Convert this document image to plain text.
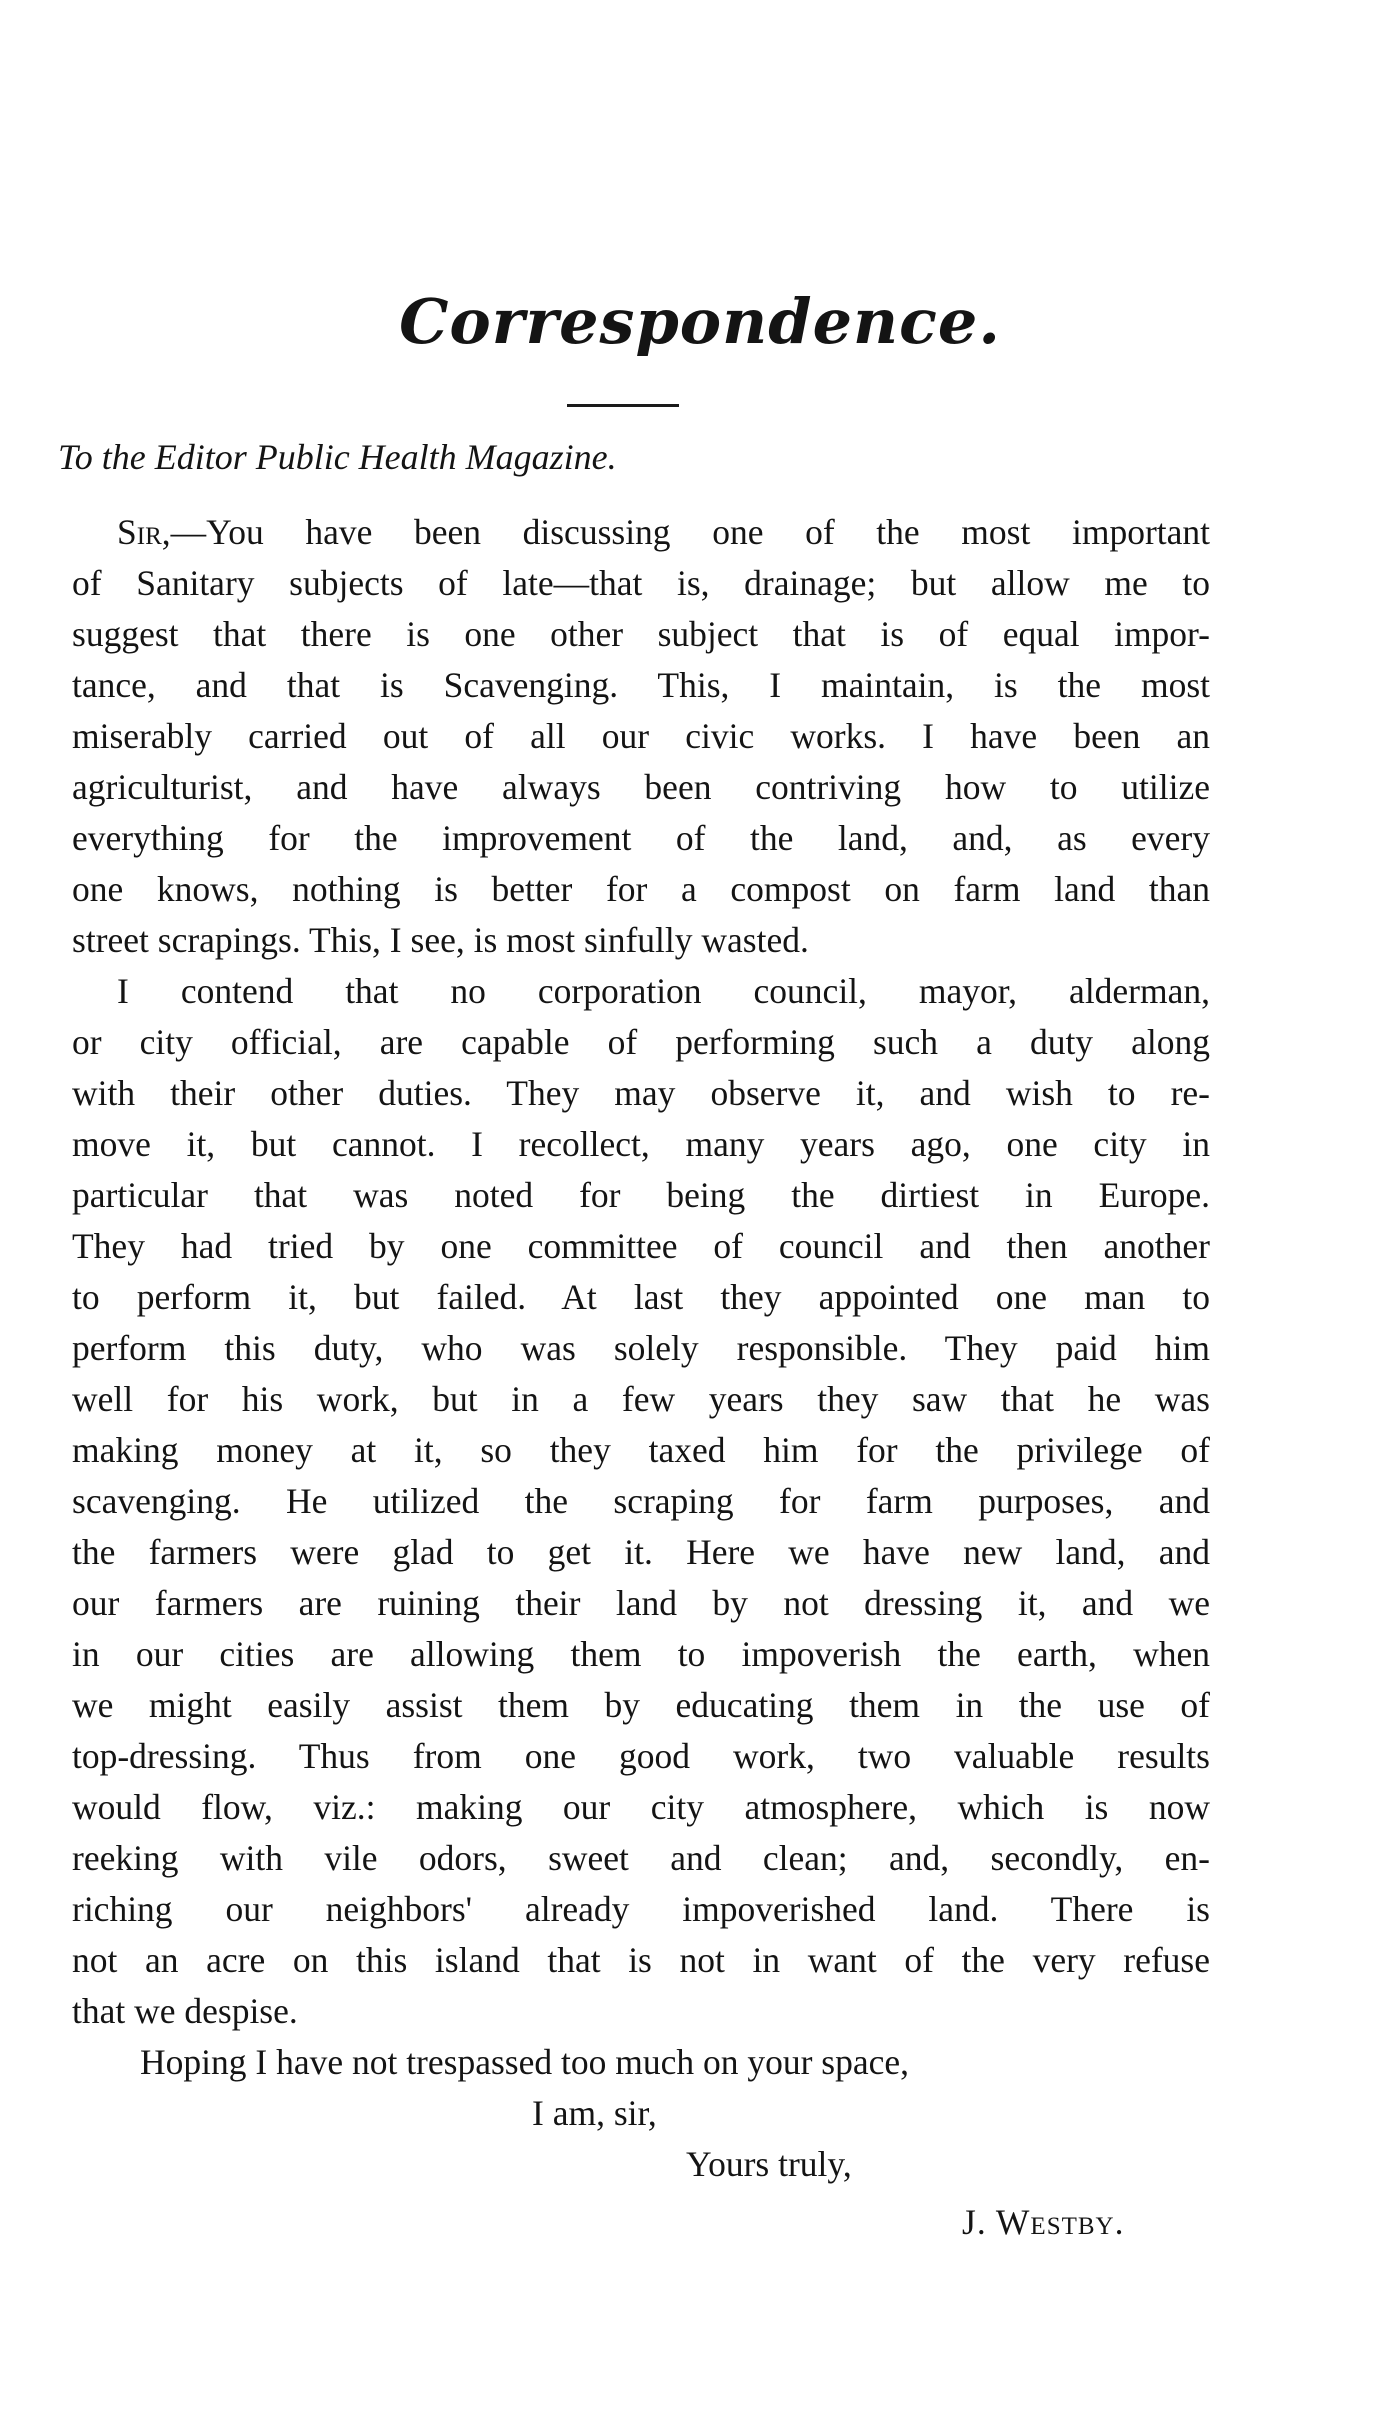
Correspondence.
To the Editor Public Health Magazine.
Sir,—You have been discussing one of the most important
of Sanitary subjects of late—that is, drainage; but allow me to
suggest that there is one other subject that is of equal impor-
tance, and that is Scavenging. This, I maintain, is the most
miserably carried out of all our civic works. I have been an
agriculturist, and have always been contriving how to utilize
everything for the improvement of the land, and, as every
one knows, nothing is better for a compost on farm land than
street scrapings. This, I see, is most sinfully wasted.
I contend that no corporation council, mayor, alderman,
or city official, are capable of performing such a duty along
with their other duties. They may observe it, and wish to re-
move it, but cannot. I recollect, many years ago, one city in
particular that was noted for being the dirtiest in Europe.
They had tried by one committee of council and then another
to perform it, but failed. At last they appointed one man to
perform this duty, who was solely responsible. They paid him
well for his work, but in a few years they saw that he was
making money at it, so they taxed him for the privilege of
scavenging. He utilized the scraping for farm purposes, and
the farmers were glad to get it. Here we have new land, and
our farmers are ruining their land by not dressing it, and we
in our cities are allowing them to impoverish the earth, when
we might easily assist them by educating them in the use of
top-dressing. Thus from one good work, two valuable results
would flow, viz.: making our city atmosphere, which is now
reeking with vile odors, sweet and clean; and, secondly, en-
riching our neighbors' already impoverished land. There is
not an acre on this island that is not in want of the very refuse
that we despise.
Hoping I have not trespassed too much on your space,
I am, sir,
Yours truly,
J. Westby.
